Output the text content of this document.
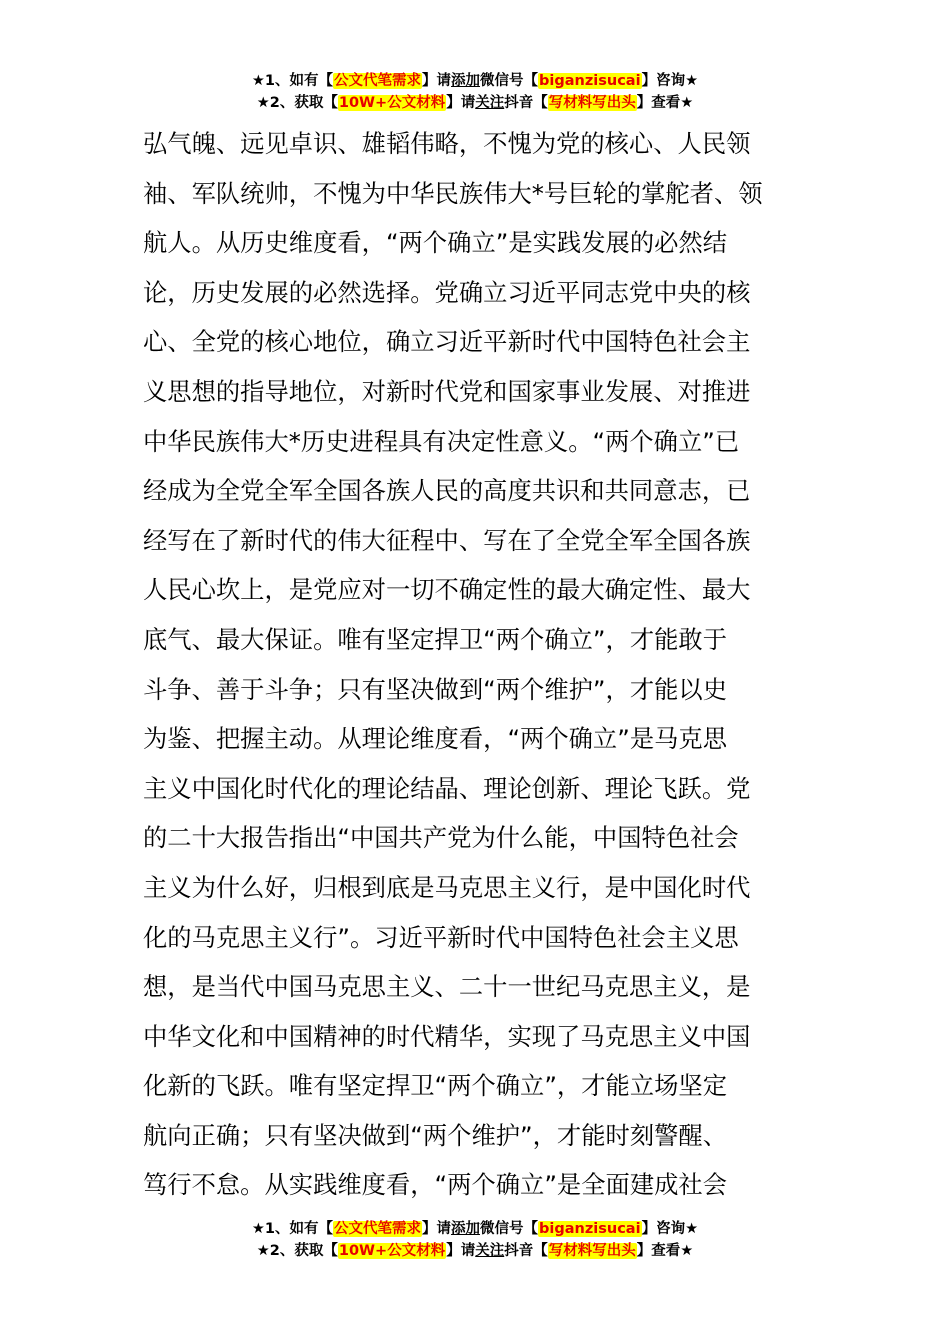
★1、如有【公文代笔需求】请添加微信号【biganzisucai】咨询★
★2、获取【10W+公文材料】请关注抖音【写材料写出头】查看★
弘气魄、远见卓识、雄韬伟略，不愧为党的核心、人民领
袖、军队统帅，不愧为中华民族伟大*号巨轮的掌舵者、领
航人。从历史维度看，“两个确立”是实践发展的必然结
论，历史发展的必然选择。党确立习近平同志党中央的核
心、全党的核心地位，确立习近平新时代中国特色社会主
义思想的指导地位，对新时代党和国家事业发展、对推进
中华民族伟大*历史进程具有决定性意义。“两个确立”已
经成为全党全军全国各族人民的高度共识和共同意志，已
经写在了新时代的伟大征程中、写在了全党全军全国各族
人民心坎上，是党应对一切不确定性的最大确定性、最大
底气、最大保证。唯有坚定捍卫“两个确立”，才能敢于
斗争、善于斗争；只有坚决做到“两个维护”，才能以史
为鉴、把握主动。从理论维度看，“两个确立”是马克思
主义中国化时代化的理论结晶、理论创新、理论飞跃。党
的二十大报告指出“中国共产党为什么能，中国特色社会
主义为什么好，归根到底是马克思主义行，是中国化时代
化的马克思主义行”。习近平新时代中国特色社会主义思
想，是当代中国马克思主义、二十一世纪马克思主义，是
中华文化和中国精神的时代精华，实现了马克思主义中国
化新的飞跃。唯有坚定捍卫“两个确立”，才能立场坚定
航向正确；只有坚决做到“两个维护”，才能时刻警醒、
笃行不怠。从实践维度看，“两个确立”是全面建成社会
★1、如有【公文代笔需求】请添加微信号【biganzisucai】咨询★
★2、获取【10W+公文材料】请关注抖音【写材料写出头】查看★
